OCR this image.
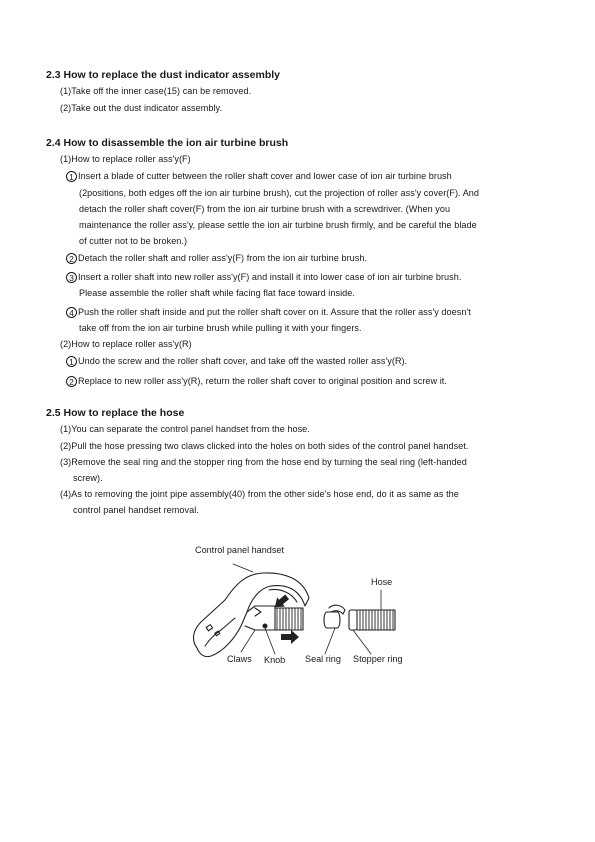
2.3 How to replace the dust indicator assembly
(1)Take off the inner case(15) can be removed.
(2)Take out the dust indicator assembly.
2.4 How to disassemble the ion air turbine brush
(1)How to replace roller ass'y(F)
1 Insert a blade of cutter between the roller shaft cover and lower case of ion air turbine brush
(2positions, both edges off the ion air turbine brush), cut the projection of roller ass'y cover(F). And
detach the roller shaft cover(F) from the ion air turbine brush with a screwdriver. (When you
maintenance the roller ass'y, please settle the ion air turbine brush firmly, and be careful the blade
of cutter not to be broken.)
2 Detach the roller shaft and roller ass'y(F) from the ion air turbine brush.
3 Insert a roller shaft into new roller ass'y(F) and install it into lower case of ion air turbine brush.
Please assemble the roller shaft while facing flat face toward inside.
4 Push the roller shaft inside and put the roller shaft cover on it. Assure that the roller ass'y doesn't
take off from the ion air turbine brush while pulling it with your fingers.
(2)How to replace roller ass'y(R)
1 Undo the screw and the roller shaft cover, and take off the wasted roller ass'y(R).
2 Replace to new roller ass'y(R), return the roller shaft cover to original position and screw it.
2.5 How to replace the hose
(1)You can separate the control panel handset from the hose.
(2)Pull the hose pressing two claws clicked into the holes on both sides of the control panel handset.
(3)Remove the seal ring and the stopper ring from the hose end by turning the seal ring (left-handed
screw).
(4)As to removing the joint pipe assembly(40) from the other side's hose end, do it as same as the
control panel handset removal.
Control panel handset
Hose
Claws Knob Seal ring Stopper ring
